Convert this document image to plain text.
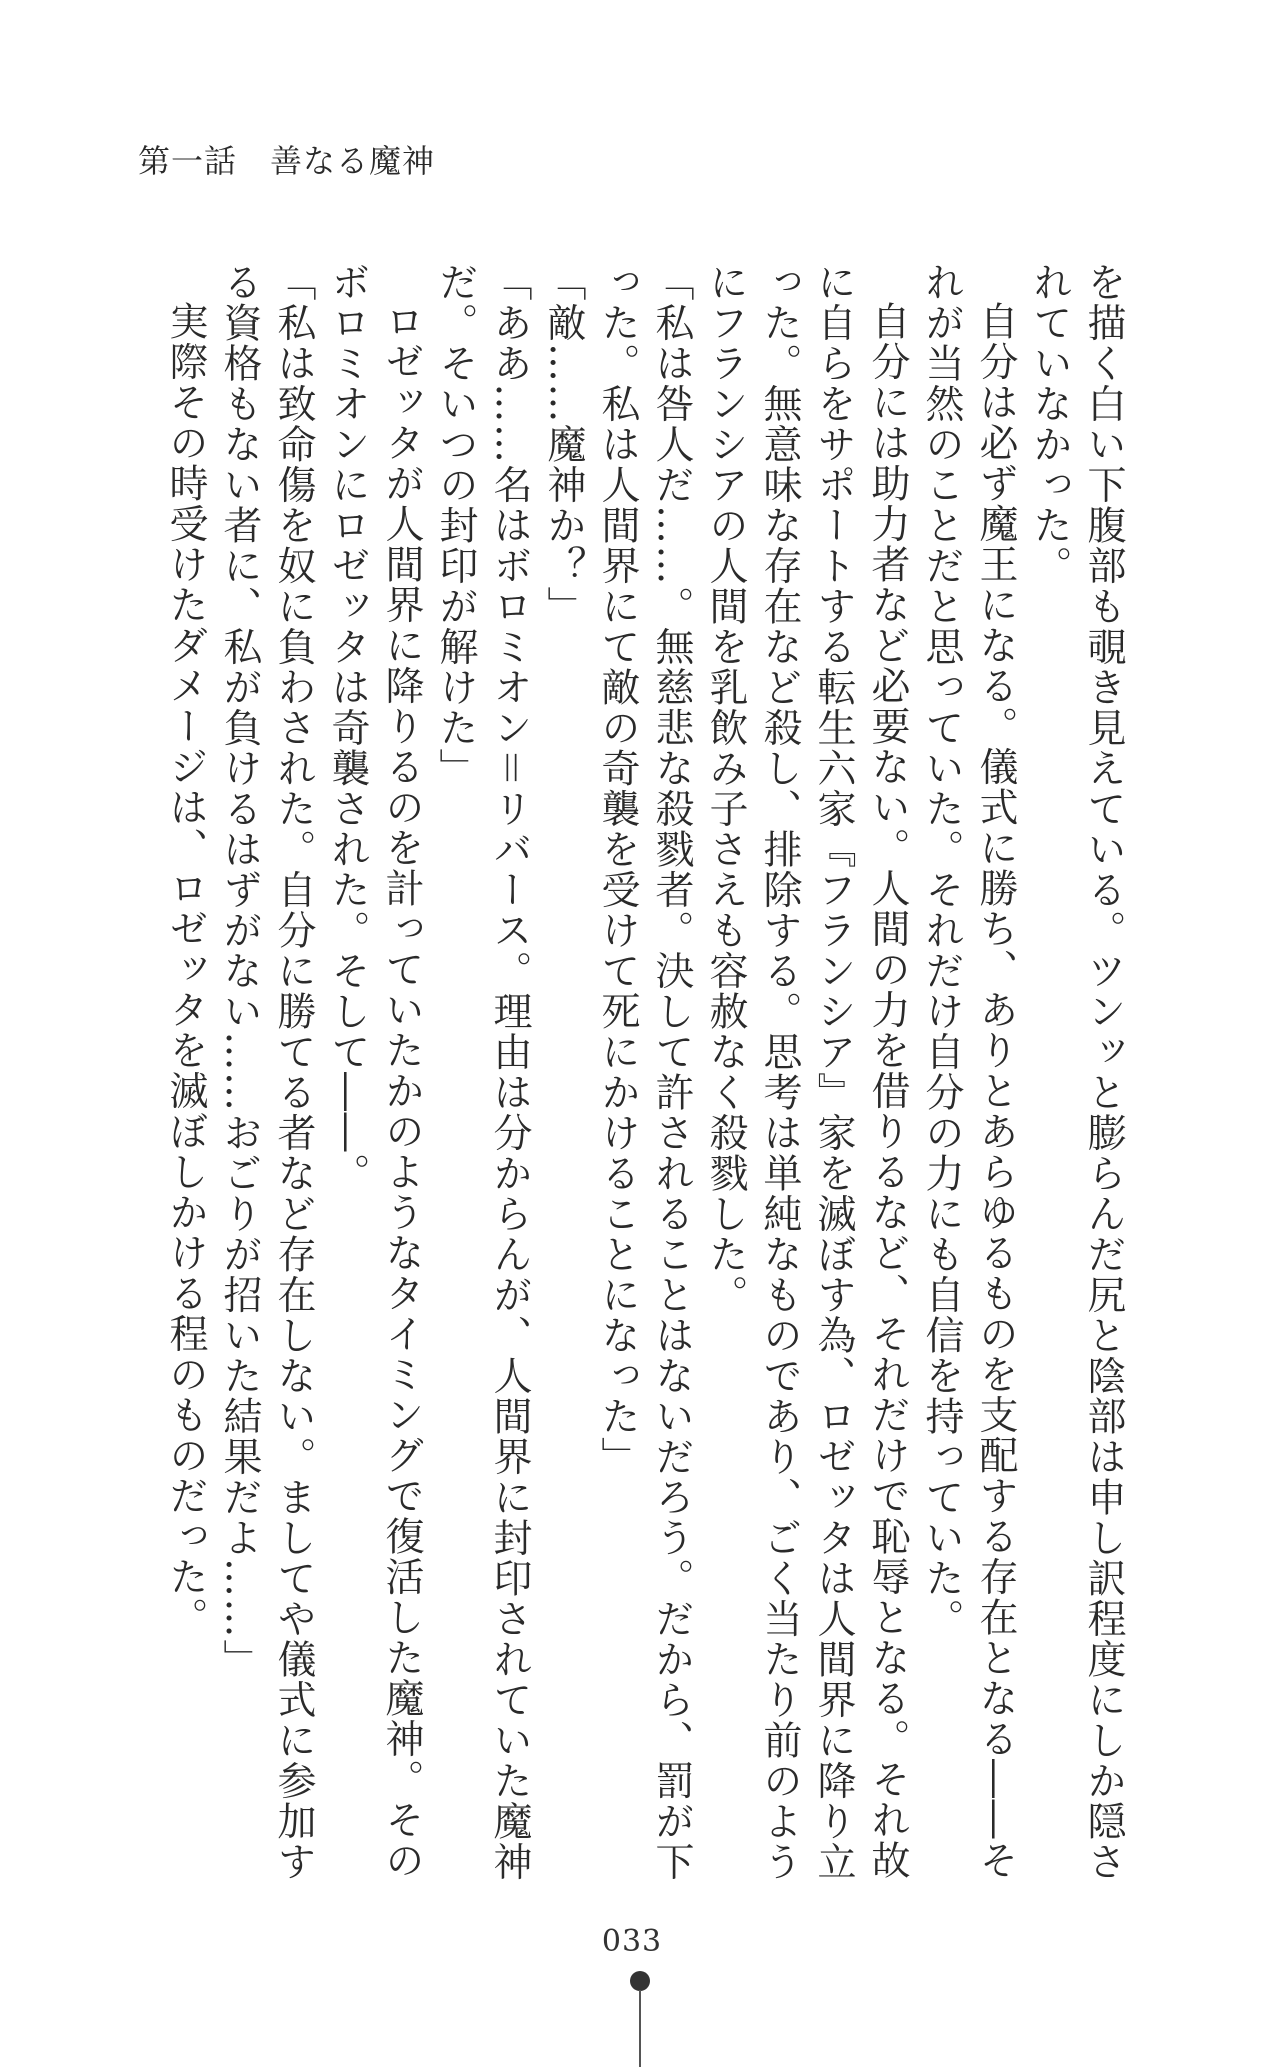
第一話　善なる魔神

を描く白い下腹部も覗き見えている。ツンッと膨らんだ尻と陰部は申し訳程度にしか隠されていなかった。

自分は必ず魔王になる。儀式に勝ち、ありとあらゆるものを支配する存在となる――それが当然のことだと思っていた。それだけ自分の力にも自信を持っていた。

自分には助力者など必要ない。人間の力を借りるなど、それだけで恥辱となる。それ故に自らをサポートする転生六家『フランシア』家を滅ぼす為、ロゼッタは人間界に降り立った。無意味な存在など殺し、排除する。思考は単純なものであり、ごく当たり前のようにフランシアの人間を乳飲み子さえも容赦なく殺戮した。

「私は咎人だ……。無慈悲な殺戮者。決して許されることはないだろう。だから、罰が下った。私は人間界にて敵の奇襲を受けて死にかけることになった」

「敵……魔神か？」

「ああ……名はボロミオン＝リバース。理由は分からんが、人間界に封印されていた魔神だ。そいつの封印が解けた」

ロゼッタが人間界に降りるのを計っていたかのようなタイミングで復活した魔神。そのボロミオンにロゼッタは奇襲された。そして――。

「私は致命傷を奴に負わされた。自分に勝てる者など存在しない。ましてや儀式に参加する資格もない者に、私が負けるはずがない……おごりが招いた結果だよ……」

実際その時受けたダメージは、ロゼッタを滅ぼしかける程のものだった。

033
